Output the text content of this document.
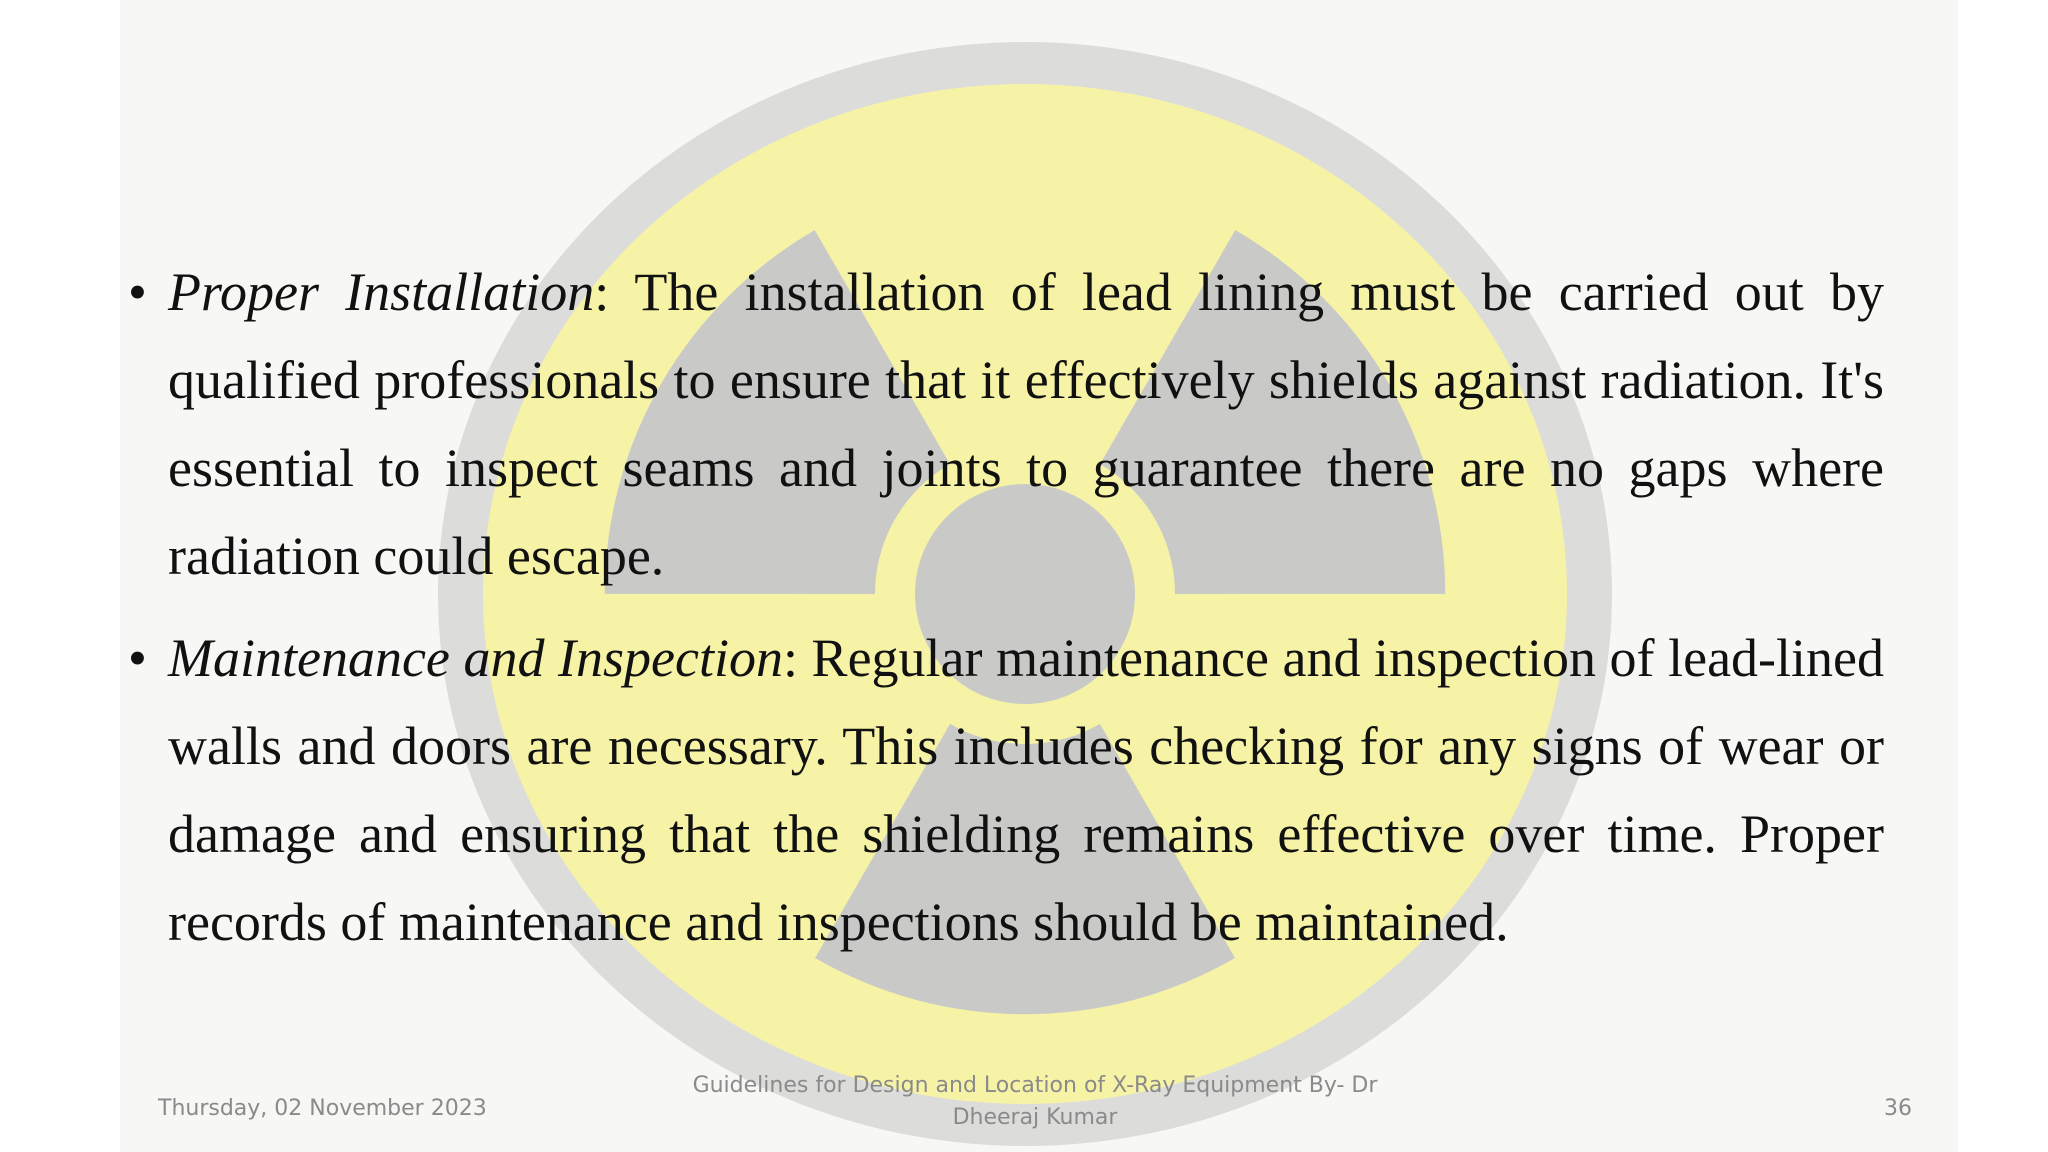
• Proper Installation: The installation of lead lining must be carried out by qualified professionals to ensure that it effectively shields against radiation. It's essential to inspect seams and joints to guarantee there are no gaps where radiation could escape.

• Maintenance and Inspection: Regular maintenance and inspection of lead-lined walls and doors are necessary. This includes checking for any signs of wear or damage and ensuring that the shielding remains effective over time. Proper records of maintenance and inspections should be maintained.

Thursday, 02 November 2023
Guidelines for Design and Location of X-Ray Equipment By- Dr Dheeraj Kumar	36
